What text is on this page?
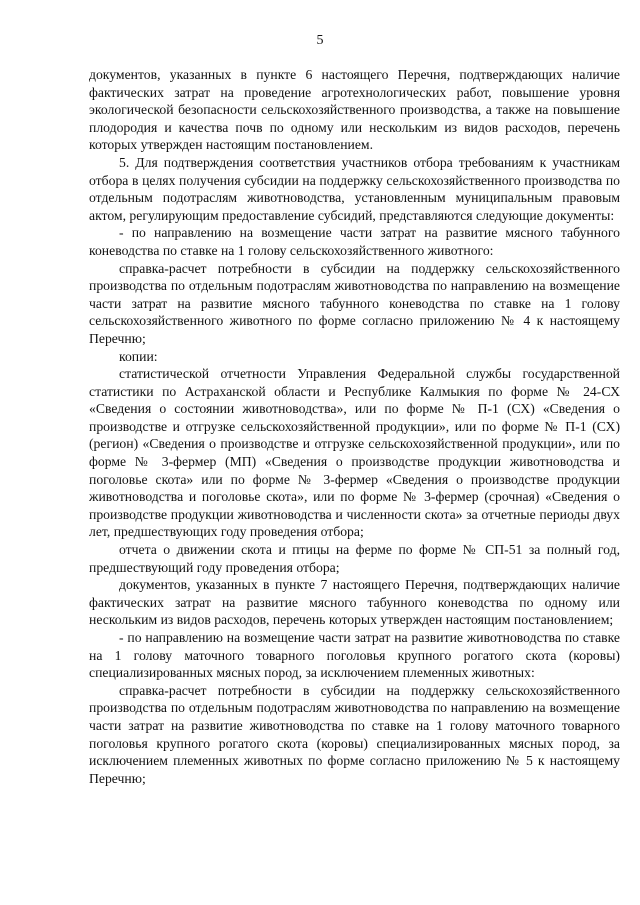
5

документов, указанных в пункте 6 настоящего Перечня, подтверждающих наличие фактических затрат на проведение агротехнологических работ, повышение уровня экологической безопасности сельскохозяйственного производства, а также на повышение плодородия и качества почв по одному или нескольким из видов расходов, перечень которых утвержден настоящим постановлением.

5. Для подтверждения соответствия участников отбора требованиям к участникам отбора в целях получения субсидии на поддержку сельскохозяйственного производства по отдельным подотраслям животноводства, установленным муниципальным правовым актом, регулирующим предоставление субсидий, представляются следующие документы:

- по направлению на возмещение части затрат на развитие мясного табунного коневодства по ставке на 1 голову сельскохозяйственного животного:

справка-расчет потребности в субсидии на поддержку сельскохозяйственного производства по отдельным подотраслям животноводства по направлению на возмещение части затрат на развитие мясного табунного коневодства по ставке на 1 голову сельскохозяйственного животного по форме согласно приложению № 4 к настоящему Перечню;

копии:

статистической отчетности Управления Федеральной службы государственной статистики по Астраханской области и Республике Калмыкия по форме № 24-СХ «Сведения о состоянии животноводства», или по форме № П-1 (СХ) «Сведения о производстве и отгрузке сельскохозяйственной продукции», или по форме № П-1 (СХ) (регион) «Сведения о производстве и отгрузке сельскохозяйственной продукции», или по форме № 3-фермер (МП) «Сведения о производстве продукции животноводства и поголовье скота» или по форме № 3-фермер «Сведения о производстве продукции животноводства и поголовье скота», или по форме № 3-фермер (срочная) «Сведения о производстве продукции животноводства и численности скота» за отчетные периоды двух лет, предшествующих году проведения отбора;

отчета о движении скота и птицы на ферме по форме № СП-51 за полный год, предшествующий году проведения отбора;

документов, указанных в пункте 7 настоящего Перечня, подтверждающих наличие фактических затрат на развитие мясного табунного коневодства по одному или нескольким из видов расходов, перечень которых утвержден настоящим постановлением;

- по направлению на возмещение части затрат на развитие животноводства по ставке на 1 голову маточного товарного поголовья крупного рогатого скота (коровы) специализированных мясных пород, за исключением племенных животных:

справка-расчет потребности в субсидии на поддержку сельскохозяйственного производства по отдельным подотраслям животноводства по направлению на возмещение части затрат на развитие животноводства по ставке на 1 голову маточного товарного поголовья крупного рогатого скота (коровы) специализированных мясных пород, за исключением племенных животных по форме согласно приложению № 5 к настоящему Перечню;
